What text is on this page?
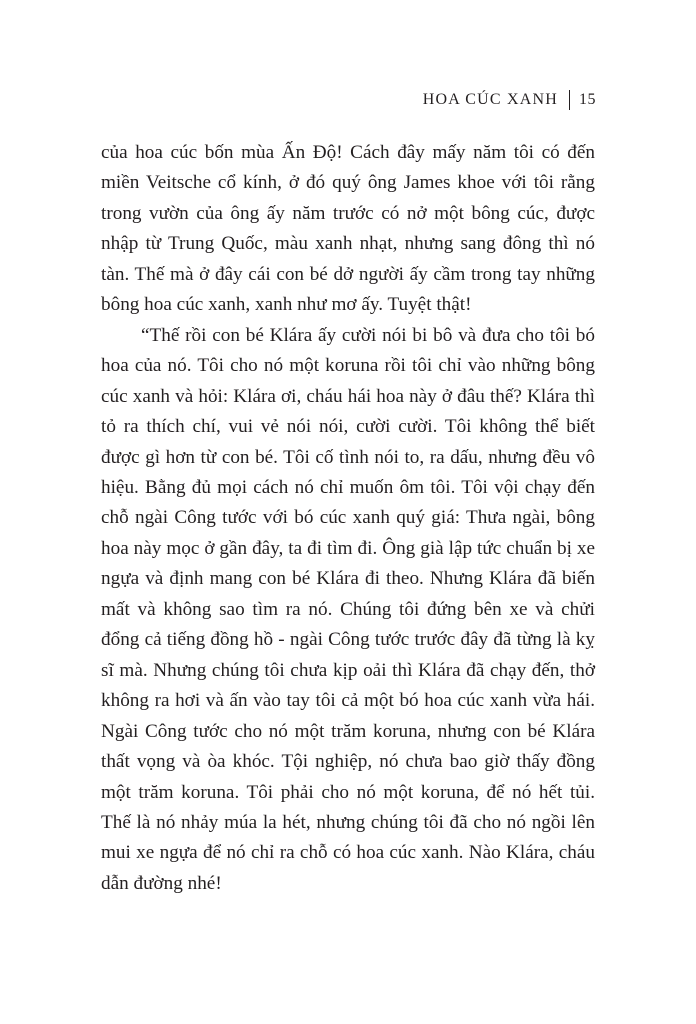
HOA CÚC XANH 15

của hoa cúc bốn mùa Ấn Độ! Cách đây mấy năm tôi có đến miền Veitsche cổ kính, ở đó quý ông James khoe với tôi rằng trong vườn của ông ấy năm trước có nở một bông cúc, được nhập từ Trung Quốc, màu xanh nhạt, nhưng sang đông thì nó tàn. Thế mà ở đây cái con bé dở người ấy cầm trong tay những bông hoa cúc xanh, xanh như mơ ấy. Tuyệt thật!

“Thế rồi con bé Klára ấy cười nói bi bô và đưa cho tôi bó hoa của nó. Tôi cho nó một koruna rồi tôi chỉ vào những bông cúc xanh và hỏi: Klára ơi, cháu hái hoa này ở đâu thế? Klára thì tỏ ra thích chí, vui vẻ nói nói, cười cười. Tôi không thể biết được gì hơn từ con bé. Tôi cố tình nói to, ra dấu, nhưng đều vô hiệu. Bằng đủ mọi cách nó chỉ muốn ôm tôi. Tôi vội chạy đến chỗ ngài Công tước với bó cúc xanh quý giá: Thưa ngài, bông hoa này mọc ở gần đây, ta đi tìm đi. Ông già lập tức chuẩn bị xe ngựa và định mang con bé Klára đi theo. Nhưng Klára đã biến mất và không sao tìm ra nó. Chúng tôi đứng bên xe và chửi đổng cả tiếng đồng hồ - ngài Công tước trước đây đã từng là kỵ sĩ mà. Nhưng chúng tôi chưa kịp oải thì Klára đã chạy đến, thở không ra hơi và ấn vào tay tôi cả một bó hoa cúc xanh vừa hái. Ngài Công tước cho nó một trăm koruna, nhưng con bé Klára thất vọng và òa khóc. Tội nghiệp, nó chưa bao giờ thấy đồng một trăm koruna. Tôi phải cho nó một koruna, để nó hết tủi. Thế là nó nhảy múa la hét, nhưng chúng tôi đã cho nó ngồi lên mui xe ngựa để nó chỉ ra chỗ có hoa cúc xanh. Nào Klára, cháu dẫn đường nhé!
